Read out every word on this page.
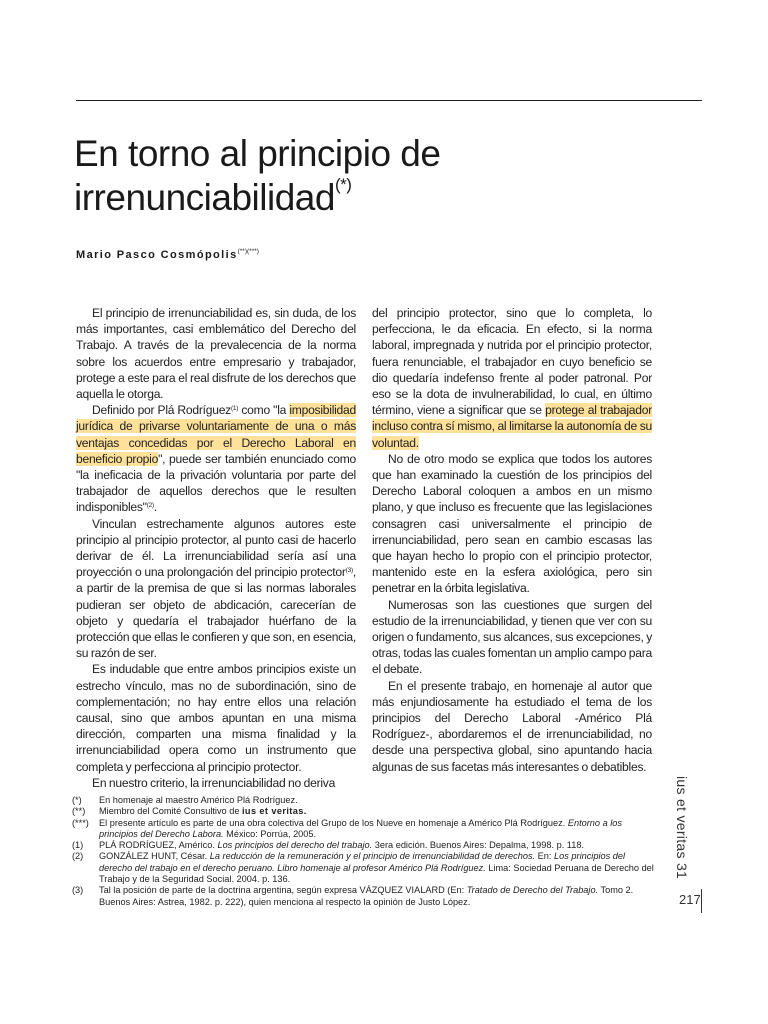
En torno al principio de
irrenunciabilidad(*)
Mario Pasco Cosmópolis(**)(***)

El principio de irrenunciabilidad es, sin duda, de los más importantes, casi emblemático del Derecho del Trabajo. A través de la prevalecencia de la norma sobre los acuerdos entre empresario y trabajador, protege a este para el real disfrute de los derechos que aquella le otorga.

Definido por Plá Rodríguez$^{(1)}$ como "la imposibilidad jurídica de privarse voluntariamente de una o más ventajas concedidas por el Derecho Laboral en beneficio propio", puede ser también enunciado como "la ineficacia de la privación voluntaria por parte del trabajador de aquellos derechos que le resulten indisponibles"$^{(2)}$.

Vinculan estrechamente algunos autores este principio al principio protector, al punto casi de hacerlo derivar de él. La irrenunciabilidad sería así una proyección o una prolongación del principio protector$^{(3)}$, a partir de la premisa de que si las normas laborales pudieran ser objeto de abdicación, carecerían de objeto y quedaría el trabajador huérfano de la protección que ellas le confieren y que son, en esencia, su razón de ser.

Es indudable que entre ambos principios existe un estrecho vínculo, mas no de subordinación, sino de complementación; no hay entre ellos una relación causal, sino que ambos apuntan en una misma dirección, comparten una misma finalidad y la irrenunciabilidad opera como un instrumento que completa y perfecciona al principio protector.

En nuestro criterio, la irrenunciabilidad no deriva

del principio protector, sino que lo completa, lo perfecciona, le da eficacia. En efecto, si la norma laboral, impregnada y nutrida por el principio protector, fuera renunciable, el trabajador en cuyo beneficio se dio quedaría indefenso frente al poder patronal. Por eso se la dota de invulnerabilidad, lo cual, en último término, viene a significar que se protege al trabajador incluso contra sí mismo, al limitarse la autonomía de su voluntad.

No de otro modo se explica que todos los autores que han examinado la cuestión de los principios del Derecho Laboral coloquen a ambos en un mismo plano, y que incluso es frecuente que las legislaciones consagren casi universalmente el principio de irrenunciabilidad, pero sean en cambio escasas las que hayan hecho lo propio con el principio protector, mantenido este en la esfera axiológica, pero sin penetrar en la órbita legislativa.

Numerosas son las cuestiones que surgen del estudio de la irrenunciabilidad, y tienen que ver con su origen o fundamento, sus alcances, sus excepciones, y otras, todas las cuales fomentan un amplio campo para el debate.

En el presente trabajo, en homenaje al autor que más enjundiosamente ha estudiado el tema de los principios del Derecho Laboral -Américo Plá Rodríguez-, abordaremos el de irrenunciabilidad, no desde una perspectiva global, sino apuntando hacia algunas de sus facetas más interesantes o debatibles.

(*)	En homenaje al maestro Américo Plá Rodríguez.
(**)	Miembro del Comité Consultivo de ius et veritas.
(***)	El presente artículo es parte de una obra colectiva del Grupo de los Nueve en homenaje a Américo Plá Rodríguez. Entorno a los principios del Derecho Labora. México: Porrúa, 2005.
(1)	PLÁ RODRÍGUEZ, Américo. Los principios del derecho del trabajo. 3era edición. Buenos Aires: Depalma, 1998. p. 118.
(2)	GONZÁLEZ HUNT, César. La reducción de la remuneración y el principio de irrenunciabilidad de derechos. En: Los principios del derecho del trabajo en el derecho peruano. Libro homenaje al profesor Américo Plá Rodríguez. Lima: Sociedad Peruana de Derecho del Trabajo y de la Seguridad Social. 2004. p. 136.
(3)	Tal la posición de parte de la doctrina argentina, según expresa VÁZQUEZ VIALARD (En: Tratado de Derecho del Trabajo. Tomo 2. Buenos Aires: Astrea, 1982. p. 222), quien menciona al respecto la opinión de Justo López.
ius et veritas 31
217
